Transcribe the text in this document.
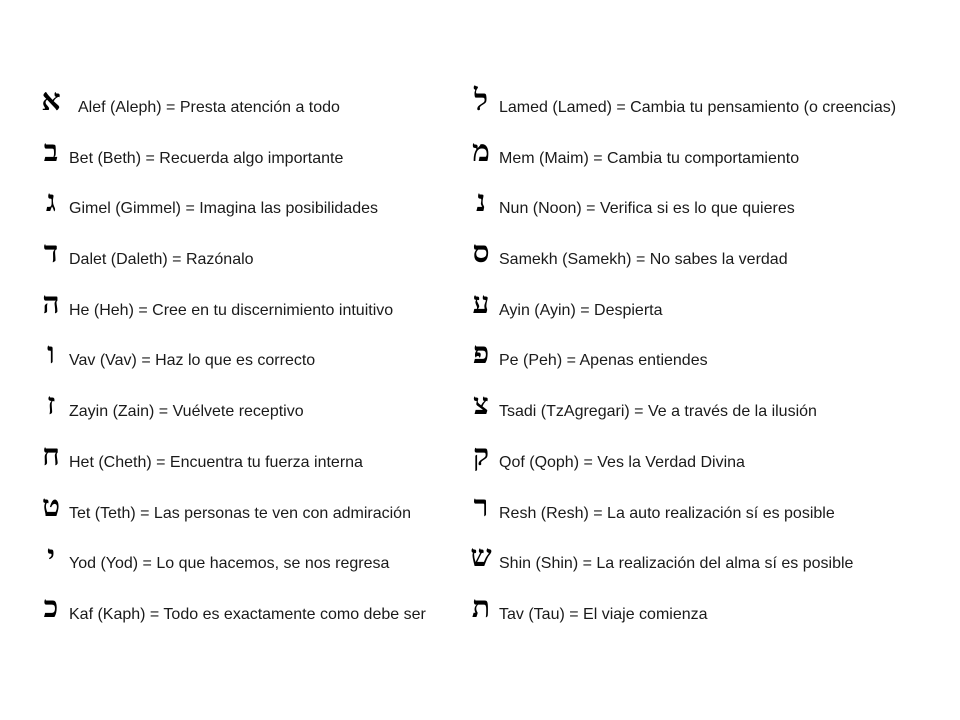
א	Alef (Aleph) = Presta atención a todo
ב Bet (Beth) = Recuerda algo importante
ג Gimel (Gimmel) = Imagina las posibilidades
ד Dalet (Daleth) = Razónalo
ה He (Heh) = Cree en tu discernimiento intuitivo
ו Vav (Vav) = Haz lo que es correcto
ז Zayin (Zain) = Vuélvete receptivo
ח Het (Cheth) = Encuentra tu fuerza interna
ט Tet (Teth) = Las personas te ven con admiración
י Yod (Yod) = Lo que hacemos, se nos regresa
כ Kaf (Kaph) = Todo es exactamente como debe ser
ל Lamed (Lamed) = Cambia tu pensamiento (o creencias)
מ Mem (Maim) = Cambia tu comportamiento
נ Nun (Noon) = Verifica si es lo que quieres
ס Samekh (Samekh) = No sabes la verdad
ע Ayin (Ayin) = Despierta
פ Pe (Peh) = Apenas entiendes
צ Tsadi (TzAgregari) = Ve a través de la ilusión
ק Qof (Qoph) = Ves la Verdad Divina
ר Resh (Resh) = La auto realización sí es posible
ש Shin (Shin) = La realización del alma sí es posible
ת Tav (Tau) = El viaje comienza
